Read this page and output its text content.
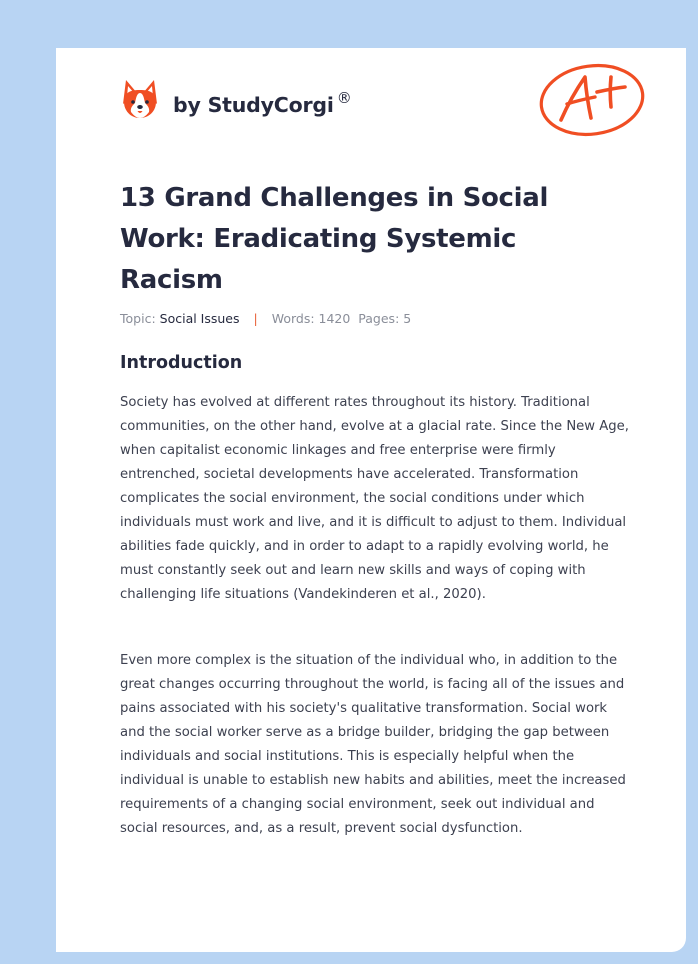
by StudyCorgi ®
13 Grand Challenges in Social Work: Eradicating Systemic Racism
Topic: Social Issues | Words: 1420 Pages: 5
Introduction

Society has evolved at different rates throughout its history. Traditional communities, on the other hand, evolve at a glacial rate. Since the New Age, when capitalist economic linkages and free enterprise were firmly entrenched, societal developments have accelerated. Transformation complicates the social environment, the social conditions under which individuals must work and live, and it is difficult to adjust to them. Individual abilities fade quickly, and in order to adapt to a rapidly evolving world, he must constantly seek out and learn new skills and ways of coping with challenging life situations (Vandekinderen et al., 2020).

Even more complex is the situation of the individual who, in addition to the great changes occurring throughout the world, is facing all of the issues and pains associated with his society's qualitative transformation. Social work and the social worker serve as a bridge builder, bridging the gap between individuals and social institutions. This is especially helpful when the individual is unable to establish new habits and abilities, meet the increased requirements of a changing social environment, seek out individual and social resources, and, as a result, prevent social dysfunction.
